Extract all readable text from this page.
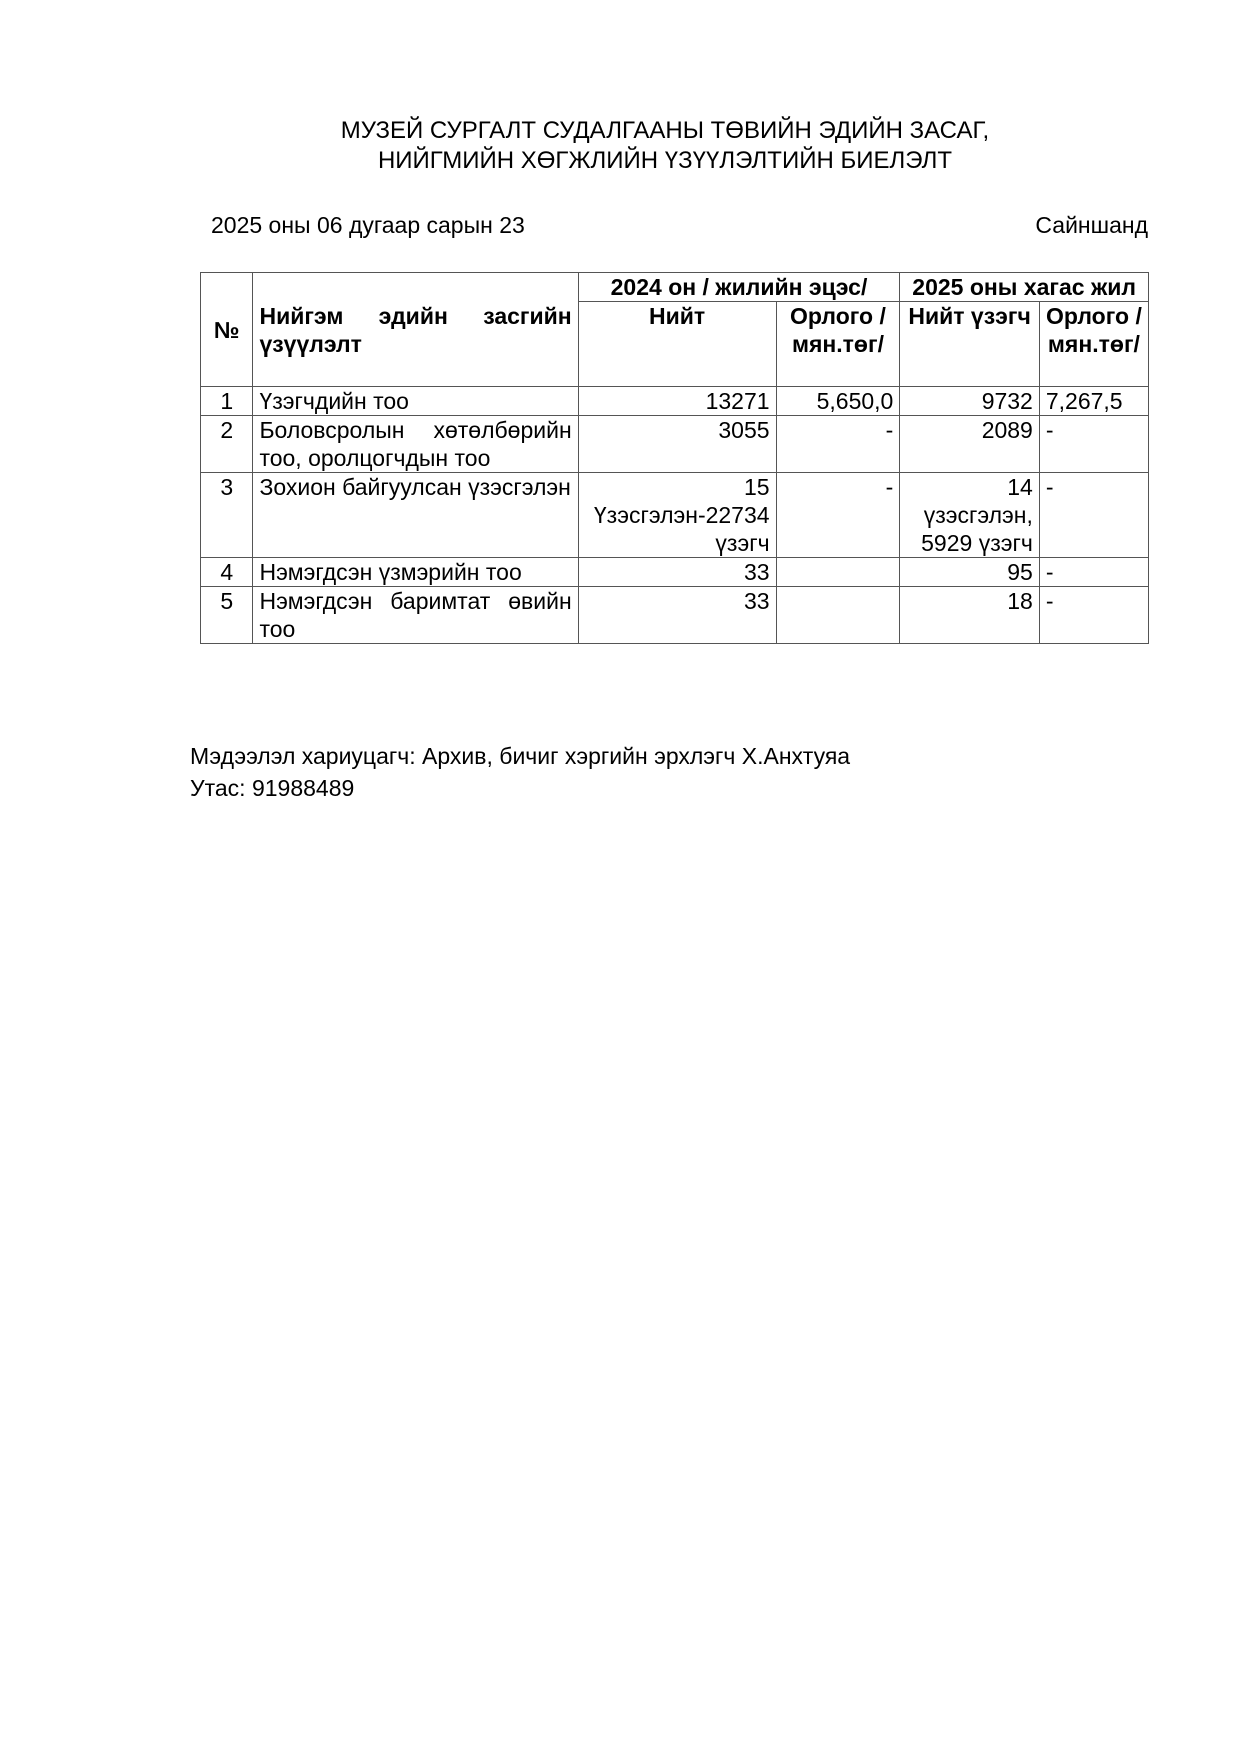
МУЗЕЙ СУРГАЛТ СУДАЛГААНЫ ТӨВИЙН ЭДИЙН ЗАСАГ,
НИЙГМИЙН ХӨГЖЛИЙН ҮЗҮҮЛЭЛТИЙН БИЕЛЭЛТ
2025 оны 06 дугаар сарын 23	Сайншанд
№	Нийгэм эдийн засгийн үзүүлэлт	2024 он / жилийн эцэс/		2025 оны хагас жил	
		Нийт	Орлого /мян.төг/	Нийт үзэгч	Орлого /мян.төг/
1	Үзэгчдийн тоо	13271	5,650,0	9732	7,267,5
2	Боловсролын хөтөлбөрийн тоо, оролцогчдын тоо	3055	-	2089	-
3	Зохион байгуулсан үзэсгэлэн	15 Үзэсгэлэн-22734 үзэгч	-	14 үзэсгэлэн, 5929 үзэгч	-
4	Нэмэгдсэн үзмэрийн тоо	33		95	-
5	Нэмэгдсэн баримтат өвийн тоо	33		18	-
Мэдээлэл хариуцагч: Архив, бичиг хэргийн эрхлэгч Х.Анхтуяа
Утас: 91988489
